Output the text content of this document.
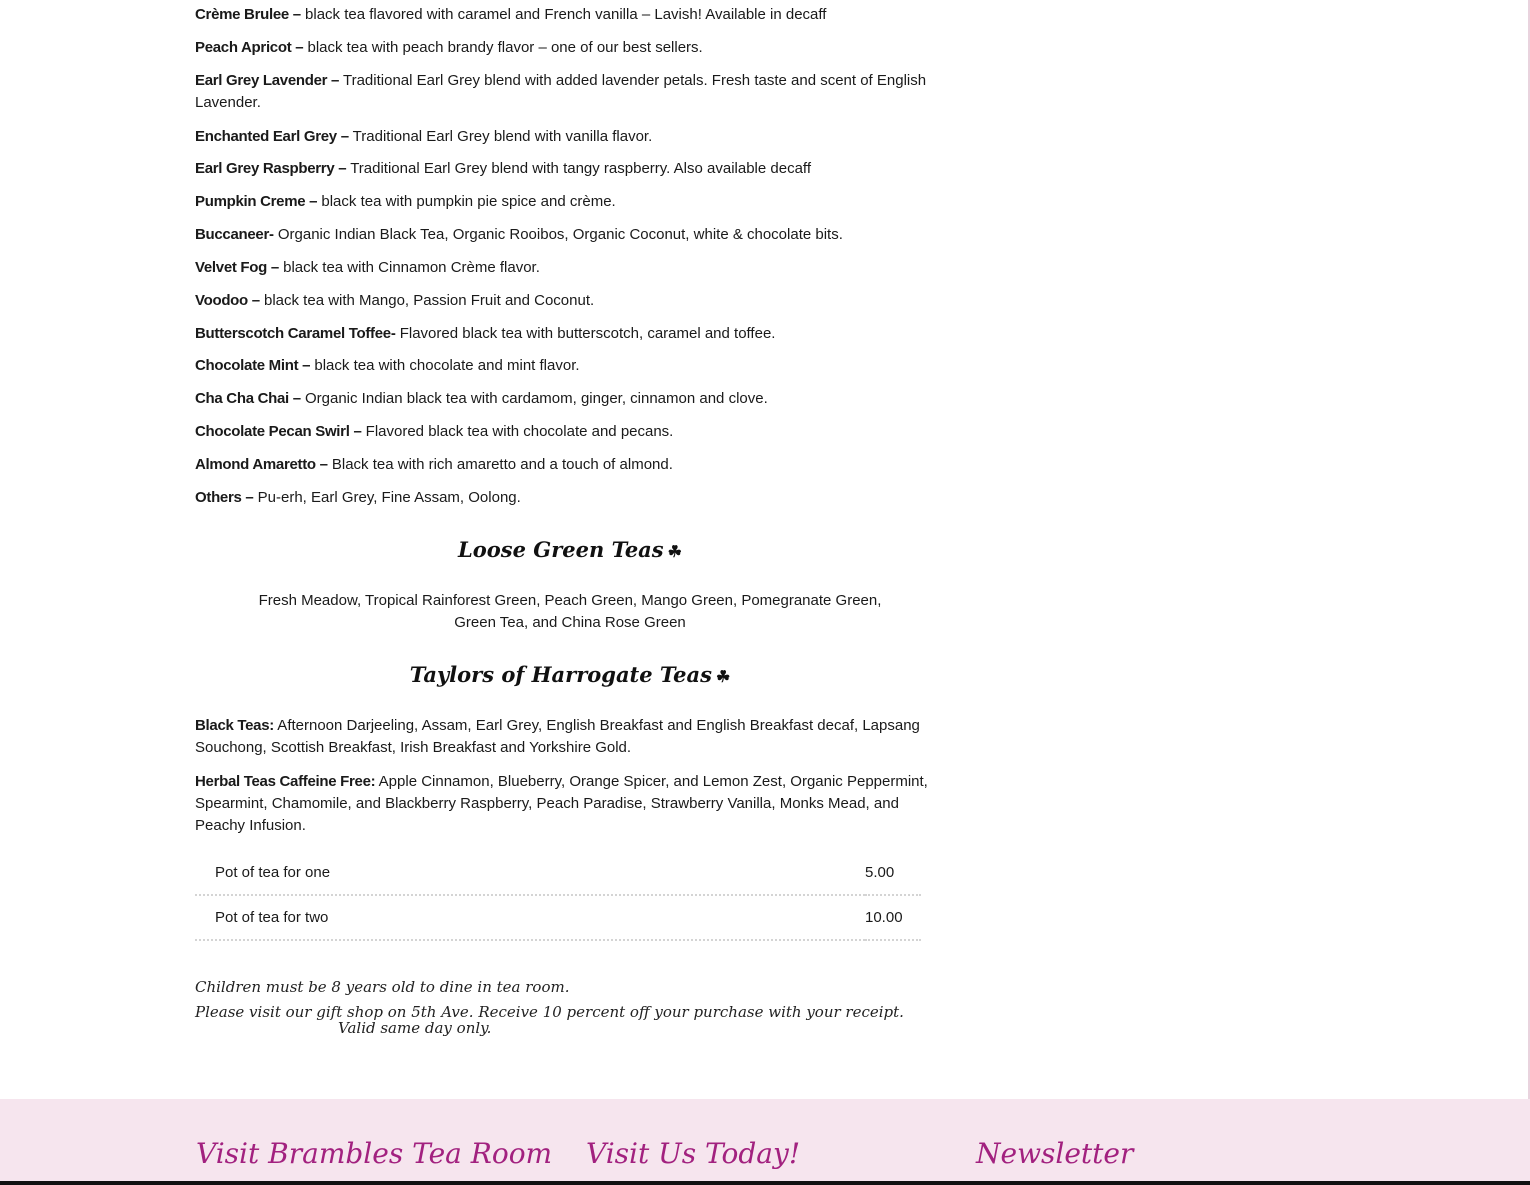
Crème Brulee – black tea flavored with caramel and French vanilla – Lavish! Available in decaff

Peach Apricot – black tea with peach brandy flavor – one of our best sellers.

Earl Grey Lavender – Traditional Earl Grey blend with added lavender petals. Fresh taste and scent of English Lavender.

Enchanted Earl Grey – Traditional Earl Grey blend with vanilla flavor.

Earl Grey Raspberry – Traditional Earl Grey blend with tangy raspberry. Also available decaff

Pumpkin Creme – black tea with pumpkin pie spice and crème.

Buccaneer- Organic Indian Black Tea, Organic Rooibos, Organic Coconut, white & chocolate bits.

Velvet Fog – black tea with Cinnamon Crème flavor.

Voodoo – black tea with Mango, Passion Fruit and Coconut.

Butterscotch Caramel Toffee- Flavored black tea with butterscotch, caramel and toffee.

Chocolate Mint – black tea with chocolate and mint flavor.

Cha Cha Chai – Organic Indian black tea with cardamom, ginger, cinnamon and clove.

Chocolate Pecan Swirl – Flavored black tea with chocolate and pecans.

Almond Amaretto – Black tea with rich amaretto and a touch of almond.

Others – Pu-erh, Earl Grey, Fine Assam, Oolong.

Loose Green Teas ☘
Fresh Meadow, Tropical Rainforest Green, Peach Green, Mango Green, Pomegranate Green,
Green Tea, and China Rose Green
Taylors of Harrogate Teas ☘

Black Teas: Afternoon Darjeeling, Assam, Earl Grey, English Breakfast and English Breakfast decaf, Lapsang Souchong, Scottish Breakfast, Irish Breakfast and Yorkshire Gold.

Herbal Teas Caffeine Free: Apple Cinnamon, Blueberry, Orange Spicer, and Lemon Zest, Organic Peppermint, Spearmint, Chamomile, and Blackberry Raspberry, Peach Paradise, Strawberry Vanilla, Monks Mead, and Peachy Infusion.

Pot of tea for one	5.00
Pot of tea for two	10.00
Children must be 8 years old to dine in tea room.
Please visit our gift shop on 5th Ave. Receive 10 percent off your purchase with your receipt.
Valid same day only.
Visit Brambles Tea Room Visit Us Today!	Newsletter
